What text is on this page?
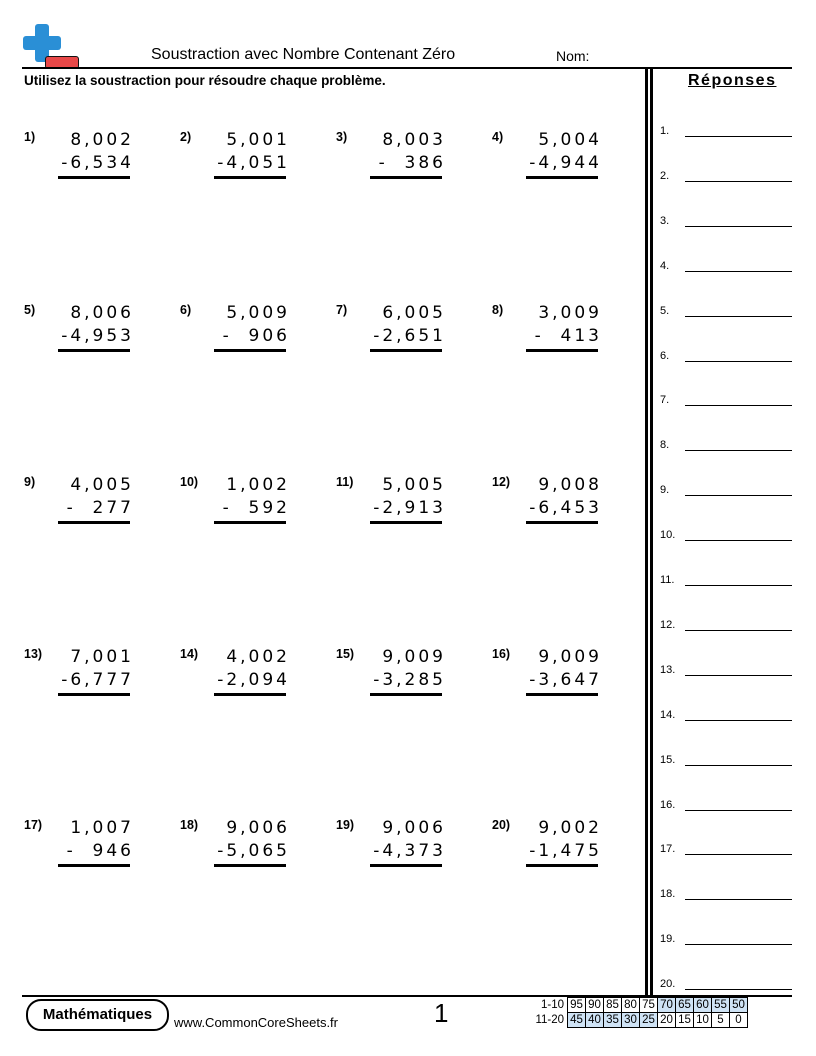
Soustraction avec Nombre Contenant Zéro	Nom:
Utilisez la soustraction pour résoudre chaque problème.	Réponses
1.
2.
3.
4.
5.
6.
7.
8.
9.
10.
11.
12.
13.
14.
15.
16.
17.
18.
19.
20.
1)	8,002
-6,534
2)	5,001
-4,051
3)	8,003
-  386
4)	5,004
-4,944
5)	8,006
-4,953
6)	5,009
-  906
7)	6,005
-2,651
8)	3,009
-  413
9)	4,005
-  277
10)	1,002
-  592
11)	5,005
-2,913
12)	9,008
-6,453
13)	7,001
-6,777
14)	4,002
-2,094
15)	9,009
-3,285
16)	9,009
-3,647
17)	1,007
-  946
18)	9,006
-5,065
19)	9,006
-4,373
20)	9,002
-1,475
Mathématiques	www.CommonCoreSheets.fr	1	1-10	95	90	85	80	75	70	65	60	55	50
11-20	45	40	35	30	25	20	15	10	5	0
